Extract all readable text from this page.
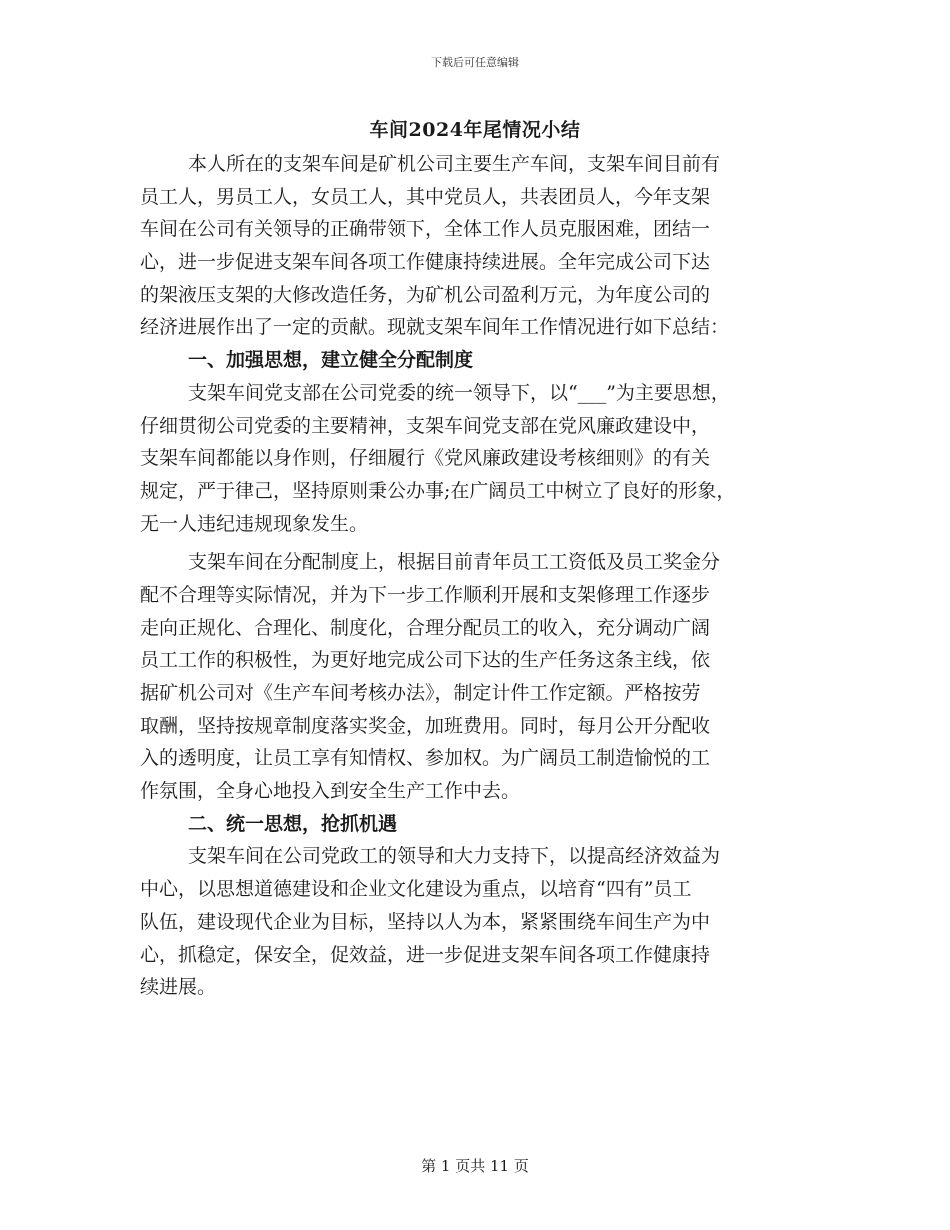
下载后可任意编辑
车间2024年尾情况小结
本人所在的支架车间是矿机公司主要生产车间，支架车间目前有
员工人，男员工人，女员工人，其中党员人，共表团员人，今年支架
车间在公司有关领导的正确带领下，全体工作人员克服困难，团结一
心，进一步促进支架车间各项工作健康持续进展。全年完成公司下达
的架液压支架的大修改造任务，为矿机公司盈利万元，为年度公司的
经济进展作出了一定的贡献。现就支架车间年工作情况进行如下总结：
一、加强思想，建立健全分配制度
支架车间党支部在公司党委的统一领导下，以“___”为主要思想，
仔细贯彻公司党委的主要精神，支架车间党支部在党风廉政建设中，
支架车间都能以身作则，仔细履行《党风廉政建设考核细则》的有关
规定，严于律己，坚持原则秉公办事;在广阔员工中树立了良好的形象，
无一人违纪违规现象发生。
支架车间在分配制度上，根据目前青年员工工资低及员工奖金分
配不合理等实际情况，并为下一步工作顺利开展和支架修理工作逐步
走向正规化、合理化、制度化，合理分配员工的收入，充分调动广阔
员工工作的积极性，为更好地完成公司下达的生产任务这条主线，依
据矿机公司对《生产车间考核办法》，制定计件工作定额。严格按劳
取酬，坚持按规章制度落实奖金，加班费用。同时，每月公开分配收
入的透明度，让员工享有知情权、参加权。为广阔员工制造愉悦的工
作氛围，全身心地投入到安全生产工作中去。
二、统一思想，抢抓机遇
支架车间在公司党政工的领导和大力支持下，以提高经济效益为
中心，以思想道德建设和企业文化建设为重点，以培育“四有”员工
队伍，建设现代企业为目标，坚持以人为本，紧紧围绕车间生产为中
心，抓稳定，保安全，促效益，进一步促进支架车间各项工作健康持
续进展。
第 1 页共 11 页
